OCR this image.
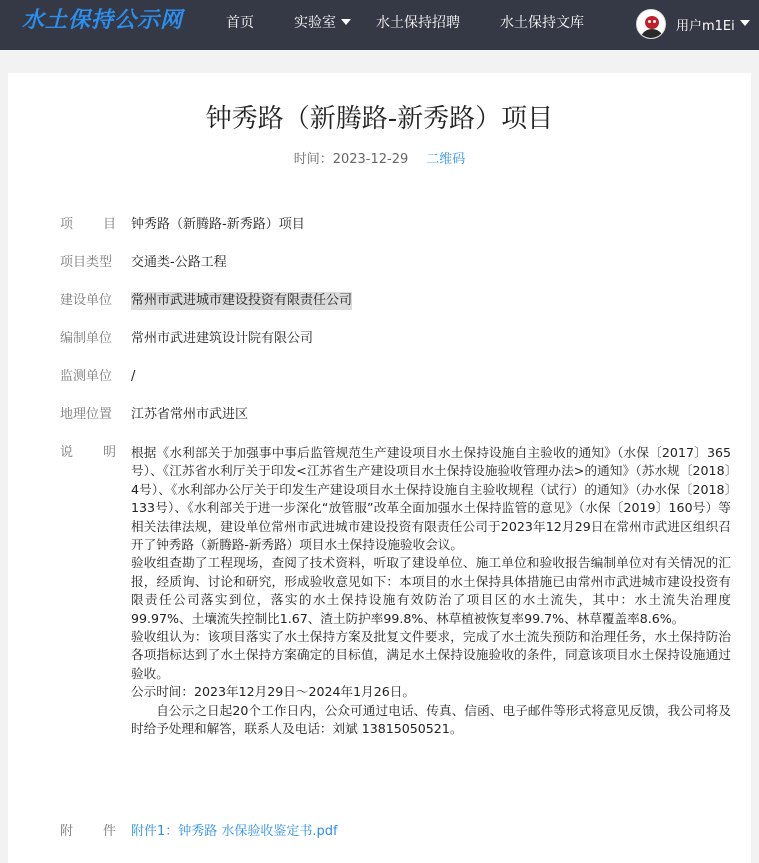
水土保持公示网	首页	实验室	水土保持招聘	水土保持文库	用户m1Ei
钟秀路（新腾路-新秀路）项目
时间：2023-12-29 二维码
项 目 钟秀路（新腾路-新秀路）项目
项目类型	交通类-公路工程
建设单位	常州市武进城市建设投资有限责任公司
编制单位	常州市武进建筑设计院有限公司
监测单位	/
地理位置	江苏省常州市武进区
说 明 根据《水利部关于加强事中事后监管规范生产建设项目水土保持设施自主验收的通知》（水保〔2017〕365号）、《江苏省水利厅关于印发<江苏省生产建设项目水土保持设施验收管理办法>的通知》（苏水规〔2018〕4号）、《水利部办公厅关于印发生产建设项目水土保持设施自主验收规程（试行）的通知》（办水保〔2018〕133号）、《水利部关于进一步深化“放管服”改革全面加强水土保持监管的意见》（水保〔2019〕160号）等相关法律法规，建设单位常州市武进城市建设投资有限责任公司于2023年12月29日在常州市武进区组织召开了钟秀路（新腾路-新秀路）项目水土保持设施验收会议。

验收组查勘了工程现场，查阅了技术资料，听取了建设单位、施工单位和验收报告编制单位对有关情况的汇报，经质询、讨论和研究，形成验收意见如下：本项目的水土保持具体措施已由常州市武进城市建设投资有限责任公司落实到位，落实的水土保持设施有效防治了项目区的水土流失，其中：水土流失治理度99.97%、土壤流失控制比1.67、渣土防护率99.8%、林草植被恢复率99.7%、林草覆盖率8.6%。

验收组认为：该项目落实了水土保持方案及批复文件要求，完成了水土流失预防和治理任务，水土保持防治各项指标达到了水土保持方案确定的目标值，满足水土保持设施验收的条件，同意该项目水土保持设施通过验收。

公示时间：2023年12月29日～2024年1月26日。

自公示之日起20个工作日内，公众可通过电话、传真、信函、电子邮件等形式将意见反馈，我公司将及时给予处理和解答，联系人及电话：刘斌 13815050521。

附 件 附件1：钟秀路 水保验收鉴定书.pdf
